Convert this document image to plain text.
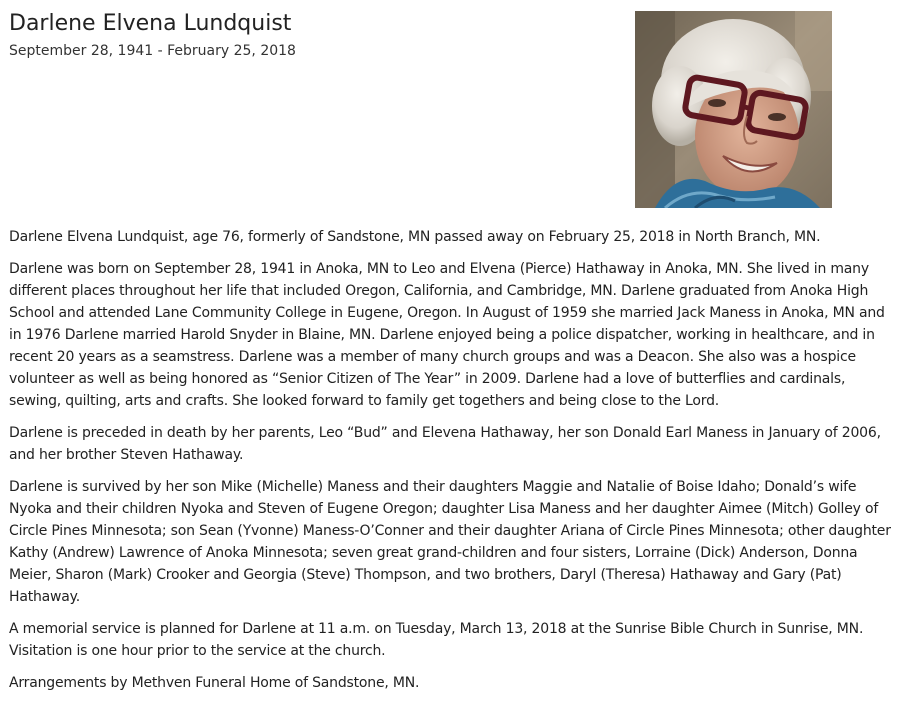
Darlene Elvena Lundquist
September 28, 1941 - February 25, 2018

Darlene Elvena Lundquist, age 76, formerly of Sandstone, MN passed away on February 25, 2018 in North Branch, MN.

Darlene was born on September 28, 1941 in Anoka, MN to Leo and Elvena (Pierce) Hathaway in Anoka, MN. She lived in many different places throughout her life that included Oregon, California, and Cambridge, MN. Darlene graduated from Anoka High School and attended Lane Community College in Eugene, Oregon. In August of 1959 she married Jack Maness in Anoka, MN and in 1976 Darlene married Harold Snyder in Blaine, MN. Darlene enjoyed being a police dispatcher, working in healthcare, and in recent 20 years as a seamstress. Darlene was a member of many church groups and was a Deacon. She also was a hospice volunteer as well as being honored as “Senior Citizen of The Year” in 2009. Darlene had a love of butterflies and cardinals, sewing, quilting, arts and crafts. She looked forward to family get togethers and being close to the Lord.

Darlene is preceded in death by her parents, Leo “Bud” and Elevena Hathaway, her son Donald Earl Maness in January of 2006, and her brother Steven Hathaway.

Darlene is survived by her son Mike (Michelle) Maness and their daughters Maggie and Natalie of Boise Idaho; Donald’s wife Nyoka and their children Nyoka and Steven of Eugene Oregon; daughter Lisa Maness and her daughter Aimee (Mitch) Golley of Circle Pines Minnesota; son Sean (Yvonne) Maness-O’Conner and their daughter Ariana of Circle Pines Minnesota; other daughter Kathy (Andrew) Lawrence of Anoka Minnesota; seven great grand-children and four sisters, Lorraine (Dick) Anderson, Donna Meier, Sharon (Mark) Crooker and Georgia (Steve) Thompson, and two brothers, Daryl (Theresa) Hathaway and Gary (Pat) Hathaway.

A memorial service is planned for Darlene at 11 a.m. on Tuesday, March 13, 2018 at the Sunrise Bible Church in Sunrise, MN. Visitation is one hour prior to the service at the church.

Arrangements by Methven Funeral Home of Sandstone, MN.
